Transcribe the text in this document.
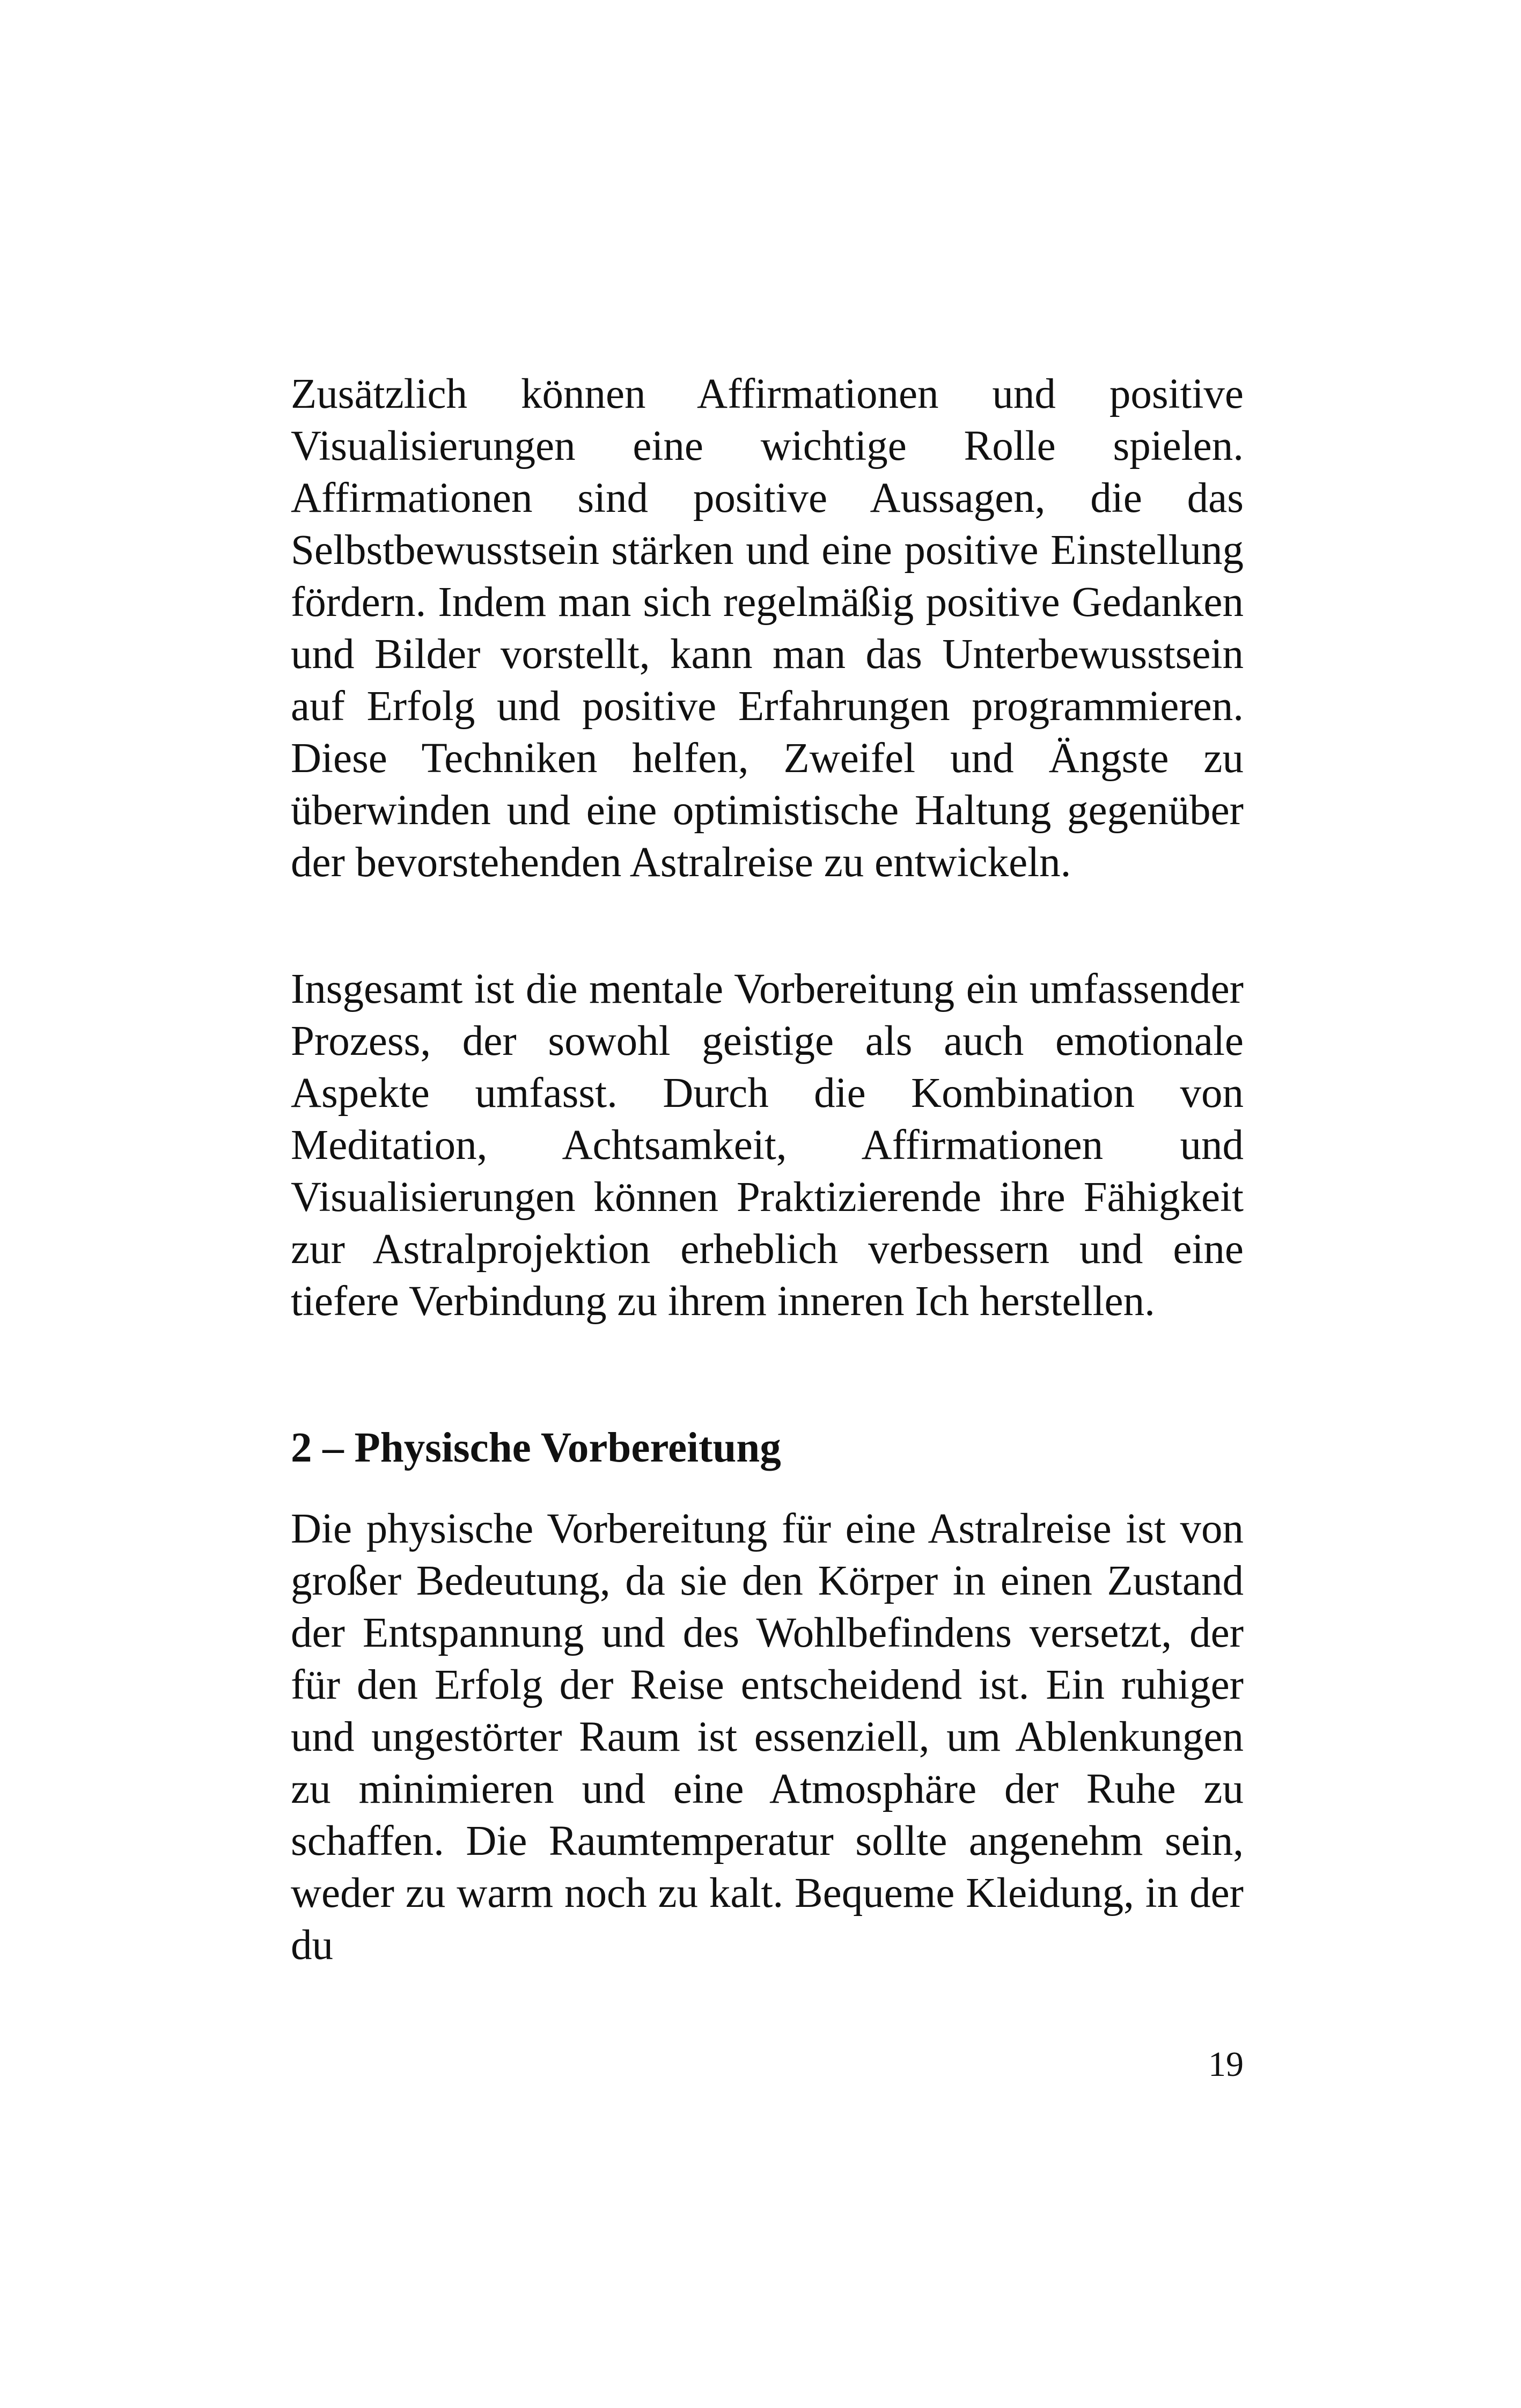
Zusätzlich können Affirmationen und positive Visualisierungen eine wichtige Rolle spielen. Affirmationen sind positive Aussagen, die das Selbstbewusstsein stärken und eine positive Einstellung fördern. Indem man sich regelmäßig positive Gedanken und Bilder vorstellt, kann man das Unterbewusstsein auf Erfolg und positive Erfahrungen programmieren. Diese Techniken helfen, Zweifel und Ängste zu überwinden und eine optimistische Haltung gegenüber der bevorstehenden Astralreise zu entwickeln.

Insgesamt ist die mentale Vorbereitung ein umfassender Prozess, der sowohl geistige als auch emotionale Aspekte umfasst. Durch die Kombination von Meditation, Achtsamkeit, Affirmationen und Visualisierungen können Praktizierende ihre Fähigkeit zur Astralprojektion erheblich verbessern und eine tiefere Verbindung zu ihrem inneren Ich herstellen.

2 – Physische Vorbereitung

Die physische Vorbereitung für eine Astralreise ist von großer Bedeutung, da sie den Körper in einen Zustand der Entspannung und des Wohlbefindens versetzt, der für den Erfolg der Reise entscheidend ist. Ein ruhiger und ungestörter Raum ist essenziell, um Ablenkungen zu minimieren und eine Atmosphäre der Ruhe zu schaffen. Die Raumtemperatur sollte angenehm sein, weder zu warm noch zu kalt. Bequeme Kleidung, in der du

19
